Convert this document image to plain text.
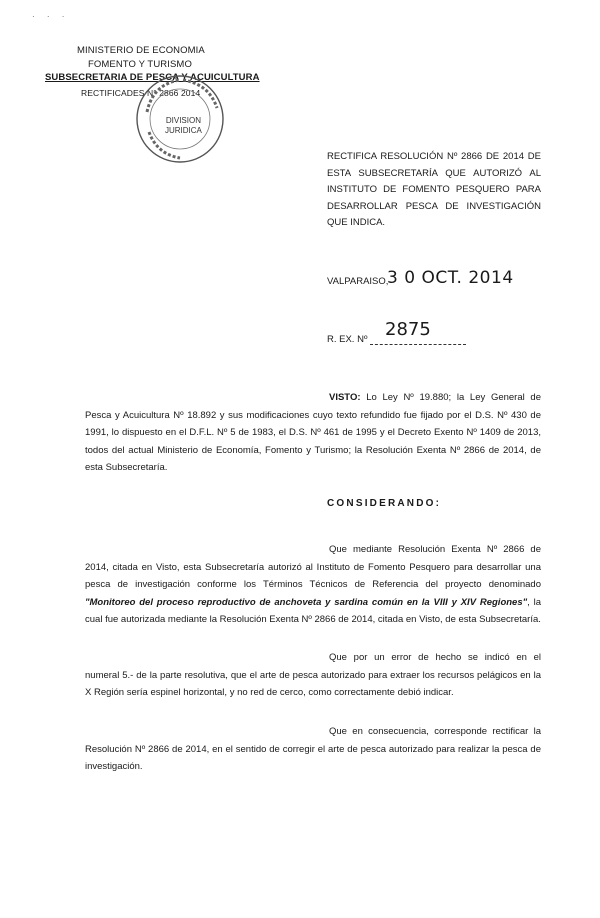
· · ·
MINISTERIO DE ECONOMIA
FOMENTO Y TURISMO
SUBSECRETARIA DE PESCA Y ACUICULTURA
RECTIFICADES N° 2866 2014
DIVISION
JURIDICA
RECTIFICA RESOLUCIÓN Nº 2866 DE 2014 DE ESTA SUBSECRETARÍA QUE AUTORIZÓ AL INSTITUTO DE FOMENTO PESQUERO PARA DESARROLLAR PESCA DE INVESTIGACIÓN QUE INDICA.
VALPARAISO,
3 0 OCT. 2014
2875
R. EX. Nº
VISTO: Lo Ley Nº 19.880; la Ley General de Pesca y Acuicultura Nº 18.892 y sus modificaciones cuyo texto refundido fue fijado por el D.S. Nº 430 de 1991, lo dispuesto en el D.F.L. Nº 5 de 1983, el D.S. Nº 461 de 1995 y el Decreto Exento Nº 1409 de 2013, todos del actual Ministerio de Economía, Fomento y Turismo; la Resolución Exenta Nº 2866 de 2014, de esta Subsecretaría.
CONSIDERANDO:
Que mediante Resolución Exenta Nº 2866 de 2014, citada en Visto, esta Subsecretaría autorizó al Instituto de Fomento Pesquero para desarrollar una pesca de investigación conforme los Términos Técnicos de Referencia del proyecto denominado "Monitoreo del proceso reproductivo de anchoveta y sardina común en la VIII y XIV Regiones", la cual fue autorizada mediante la Resolución Exenta Nº 2866 de 2014, citada en Visto, de esta Subsecretaría.
Que por un error de hecho se indicó en el numeral 5.- de la parte resolutiva, que el arte de pesca autorizado para extraer los recursos pelágicos en la X Región sería espinel horizontal, y no red de cerco, como correctamente debió indicar.
Que en consecuencia, corresponde rectificar la Resolución Nº 2866 de 2014, en el sentido de corregir el arte de pesca autorizado para realizar la pesca de investigación.
